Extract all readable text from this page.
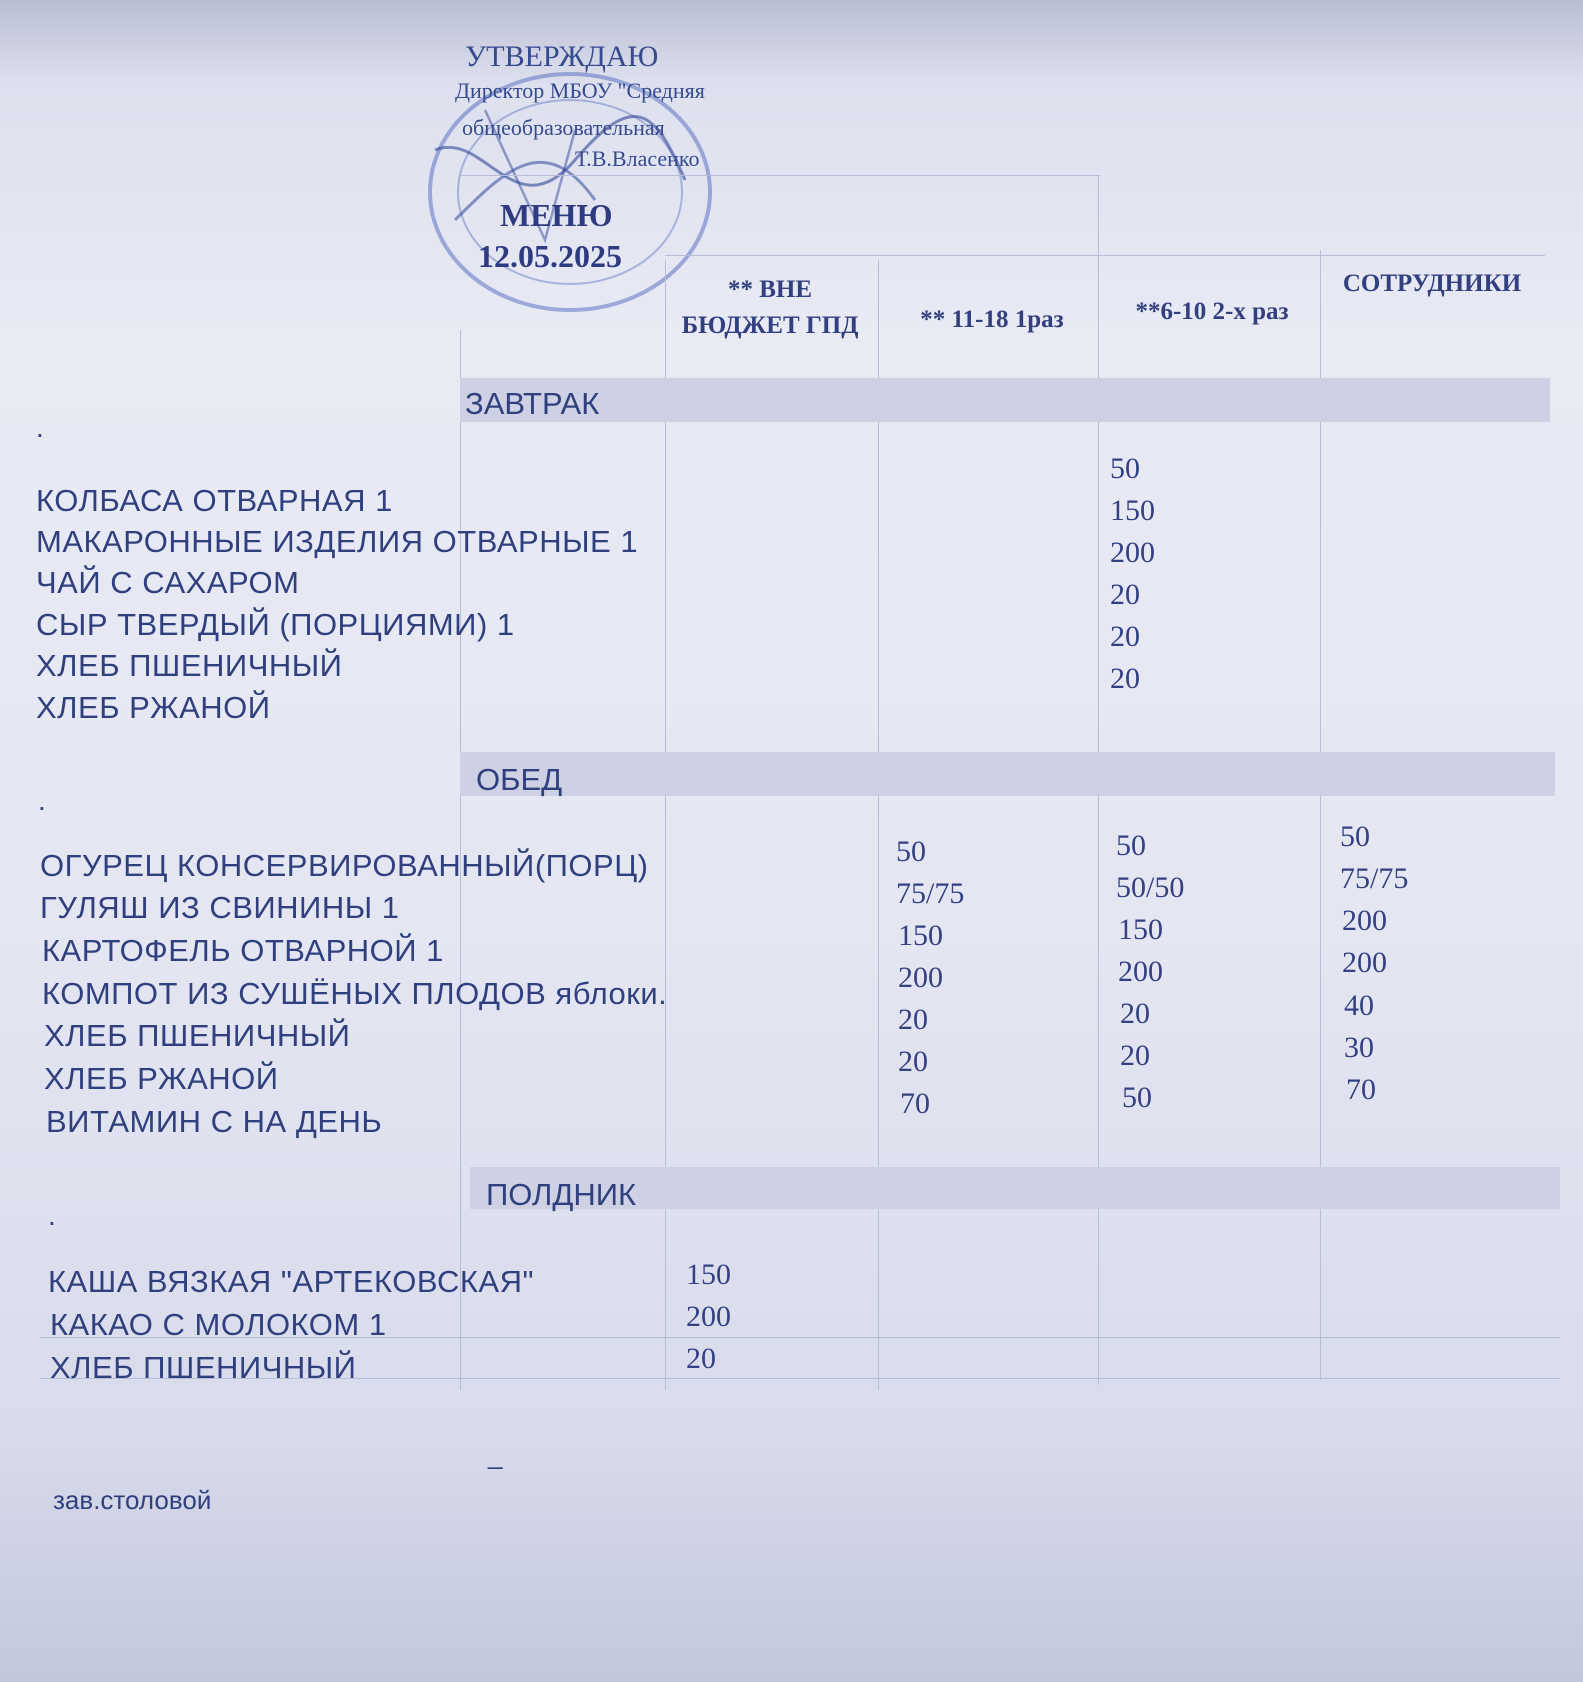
УТВЕРЖДАЮ
Директор МБОУ "Средняя
общеобразовательная
Т.В.Власенко
МЕНЮ
12.05.2025
** ВНЕ БЮДЖЕТ ГПД	** 11-18 1раз	**6-10 2-х раз
СОТРУДНИКИ
ЗАВТРАК
.
КОЛБАСА ОТВАРНАЯ 1
МАКАРОННЫЕ ИЗДЕЛИЯ ОТВАРНЫЕ 1
ЧАЙ С САХАРОМ
СЫР ТВЕРДЫЙ (ПОРЦИЯМИ) 1
ХЛЕБ ПШЕНИЧНЫЙ
ХЛЕБ РЖАНОЙ
50
150
200
20
20
20
ОБЕД
.
ОГУРЕЦ КОНСЕРВИРОВАННЫЙ(ПОРЦ)
ГУЛЯШ ИЗ СВИНИНЫ 1
КАРТОФЕЛЬ ОТВАРНОЙ 1
КОМПОТ ИЗ СУШЁНЫХ ПЛОДОВ яблоки.
ХЛЕБ ПШЕНИЧНЫЙ
ХЛЕБ РЖАНОЙ
ВИТАМИН С НА ДЕНЬ
50
75/75
150
200
20
20
70
50
50/50
150
200
20
20
50
50
75/75
200
200
40
30
70
ПОЛДНИК
.
КАША ВЯЗКАЯ "АРТЕКОВСКАЯ"
КАКАО С МОЛОКОМ 1
ХЛЕБ ПШЕНИЧНЫЙ
150
200
20
_
зав.столовой
